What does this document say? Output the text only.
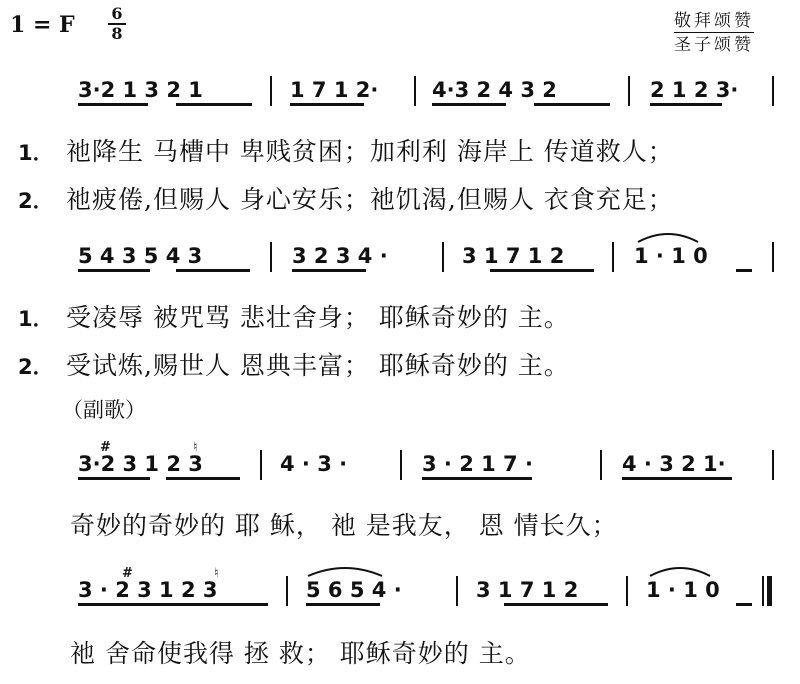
1 = F 6
8
敬拜颂赞
圣子颂赞
3·2 1 3 2 1	1 7 1 2·	4·3 2 4 3 2	2 1 2 3·
1． 祂降生 马槽中 卑贱贫困；加利利 海岸上 传道救人；
2． 祂疲倦,但赐人 身心安乐；祂饥渴,但赐人 衣食充足；
5 4 3 5 4 3	3 2 3 4 ·	3 1 7 1 2	1 · 1 0
1． 受凌辱 被咒骂 悲壮舍身； 耶稣奇妙的 主。
2． 受试炼,赐世人 恩典丰富； 耶稣奇妙的 主。
（副歌）
3·2 3 1 2 3
#	♮
4 · 3 ·	3 · 2 1 7 ·	4 · 3 2 1·
奇妙的奇妙的 耶 稣， 祂 是我友， 恩 情长久；
3 · 2 3 1 2 3
#	♮
5 6 5 4 ·	3 1 7 1 2	1 · 1 0
祂 舍命使我得 拯 救； 耶稣奇妙的 主。
